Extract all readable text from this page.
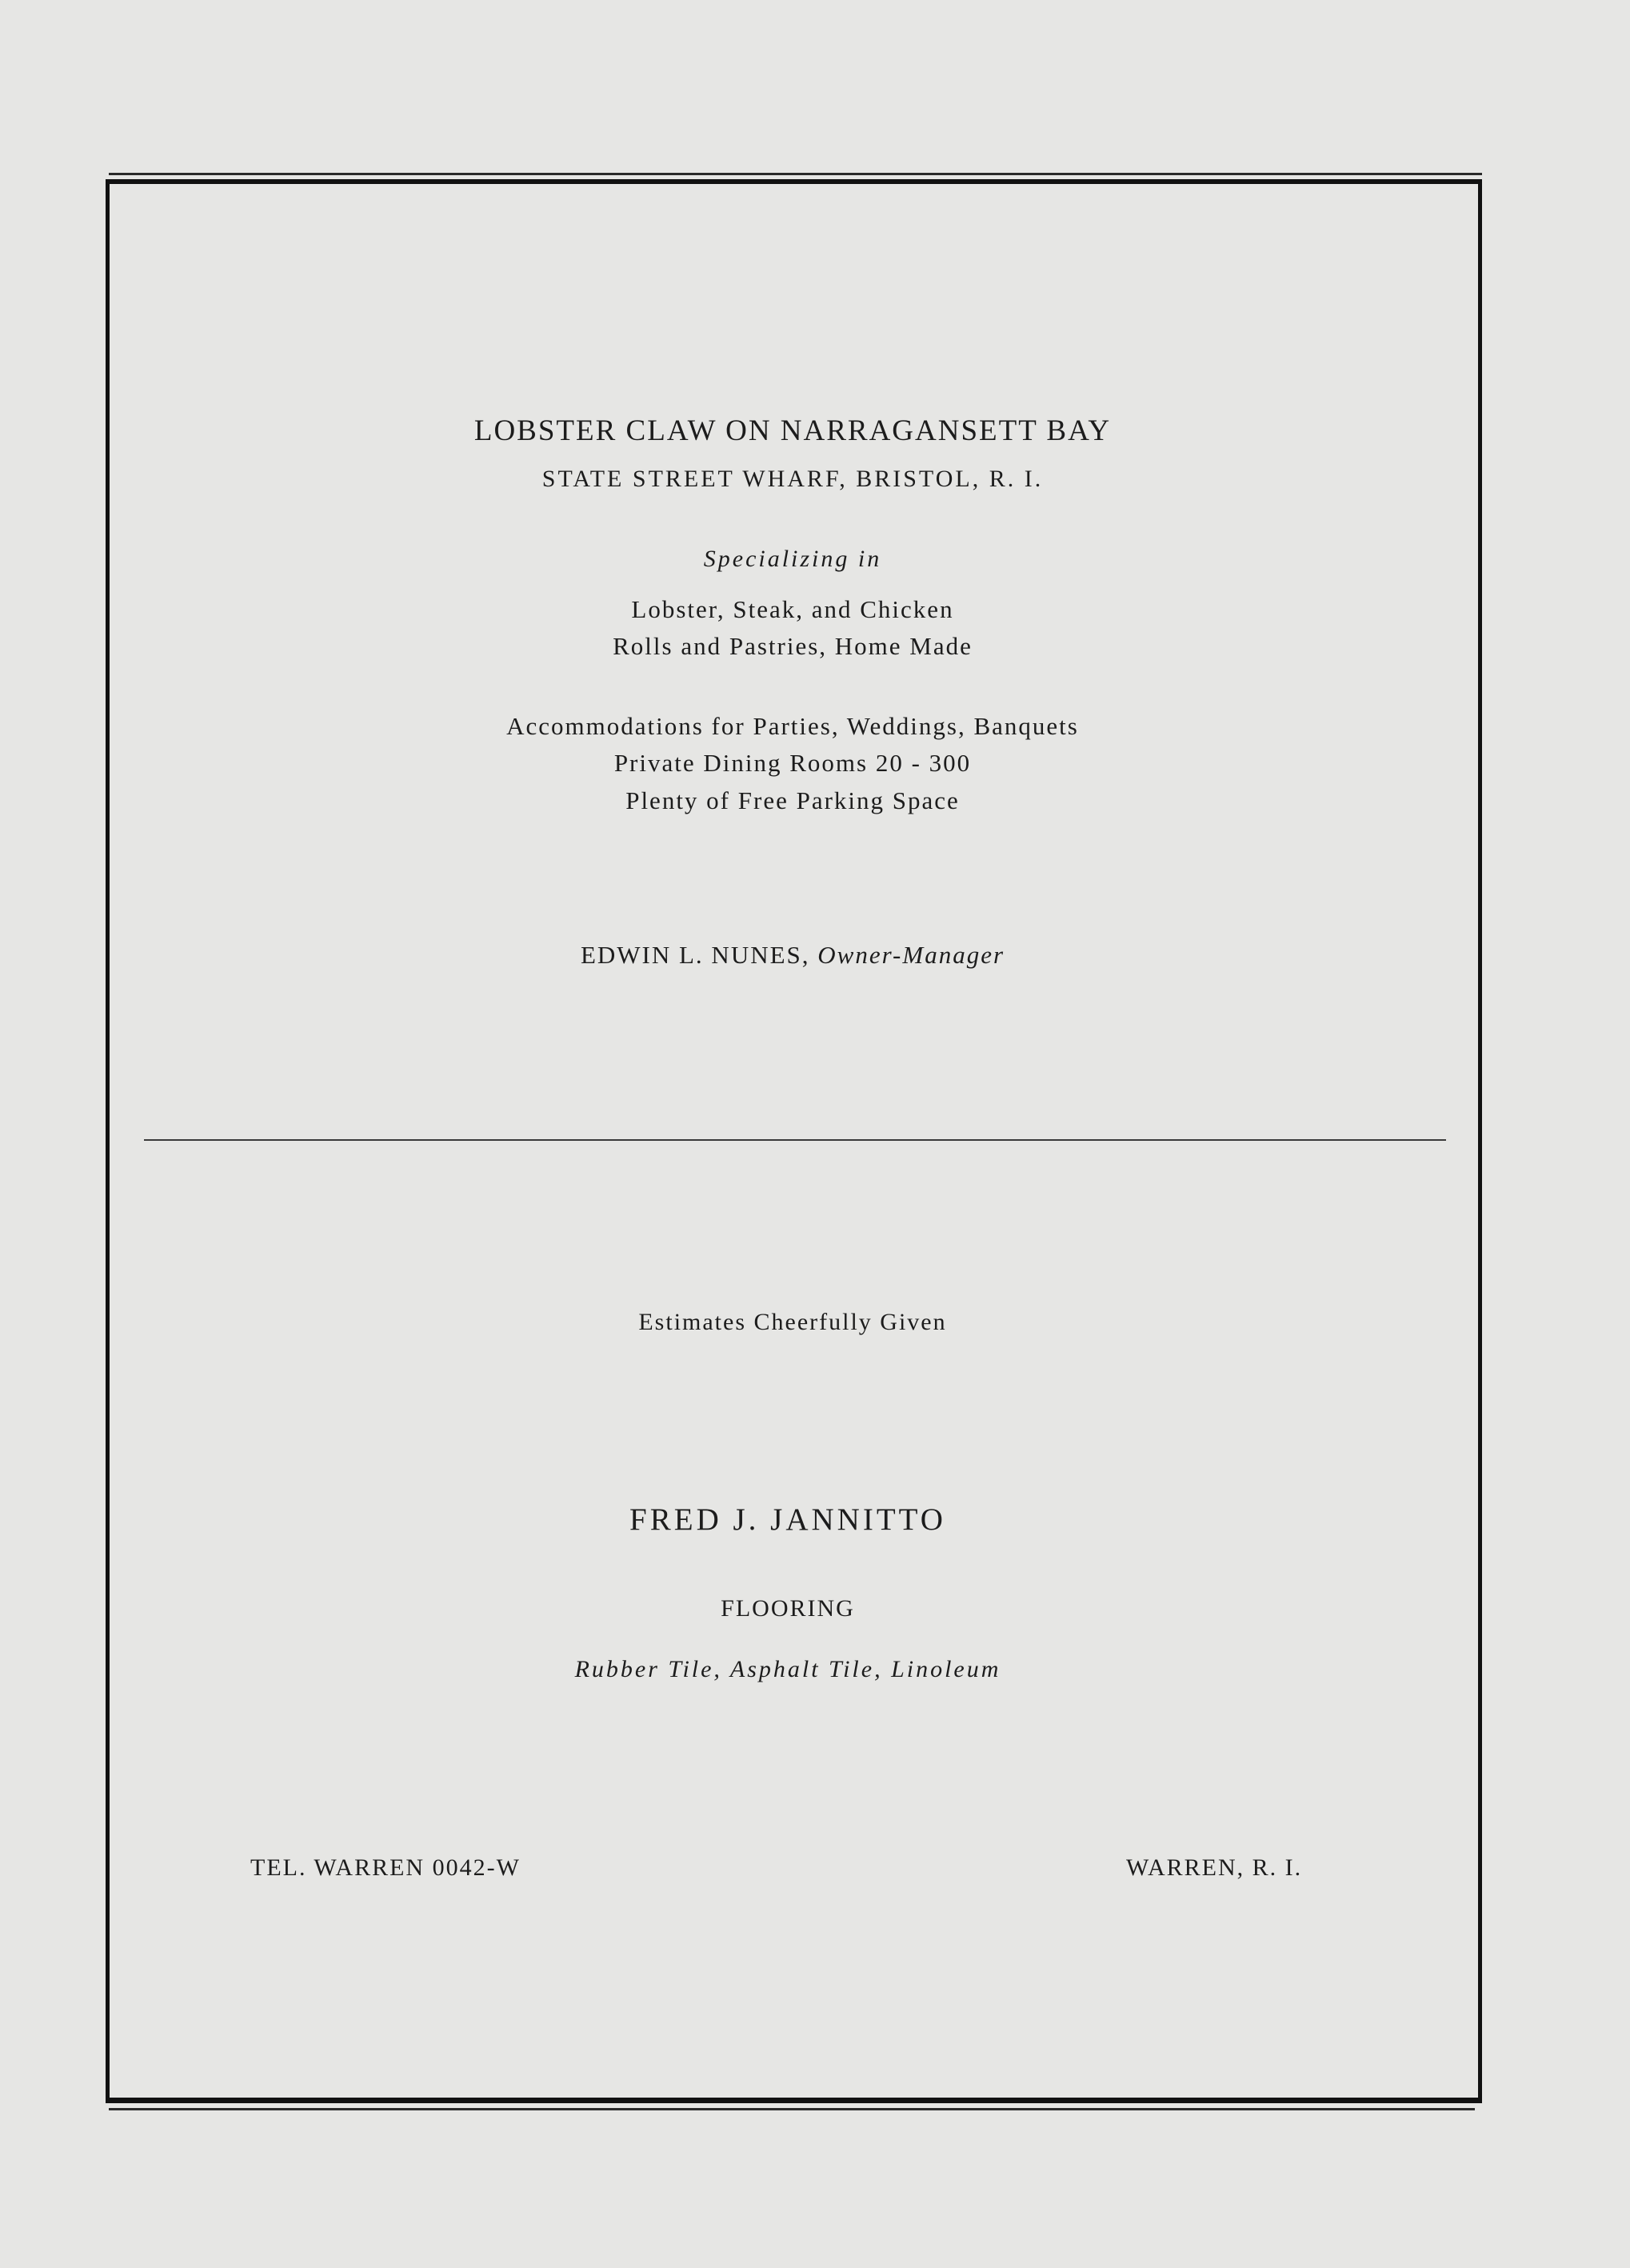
LOBSTER CLAW ON NARRAGANSETT BAY
STATE STREET WHARF, BRISTOL, R. I.
Specializing in
Lobster, Steak, and Chicken
Rolls and Pastries, Home Made
Accommodations for Parties, Weddings, Banquets
Private Dining Rooms 20 - 300
Plenty of Free Parking Space
EDWIN L. NUNES, Owner-Manager
Estimates Cheerfully Given
FRED J. JANNITTO
FLOORING
Rubber Tile, Asphalt Tile, Linoleum
TEL. WARREN 0042-W	WARREN, R. I.
